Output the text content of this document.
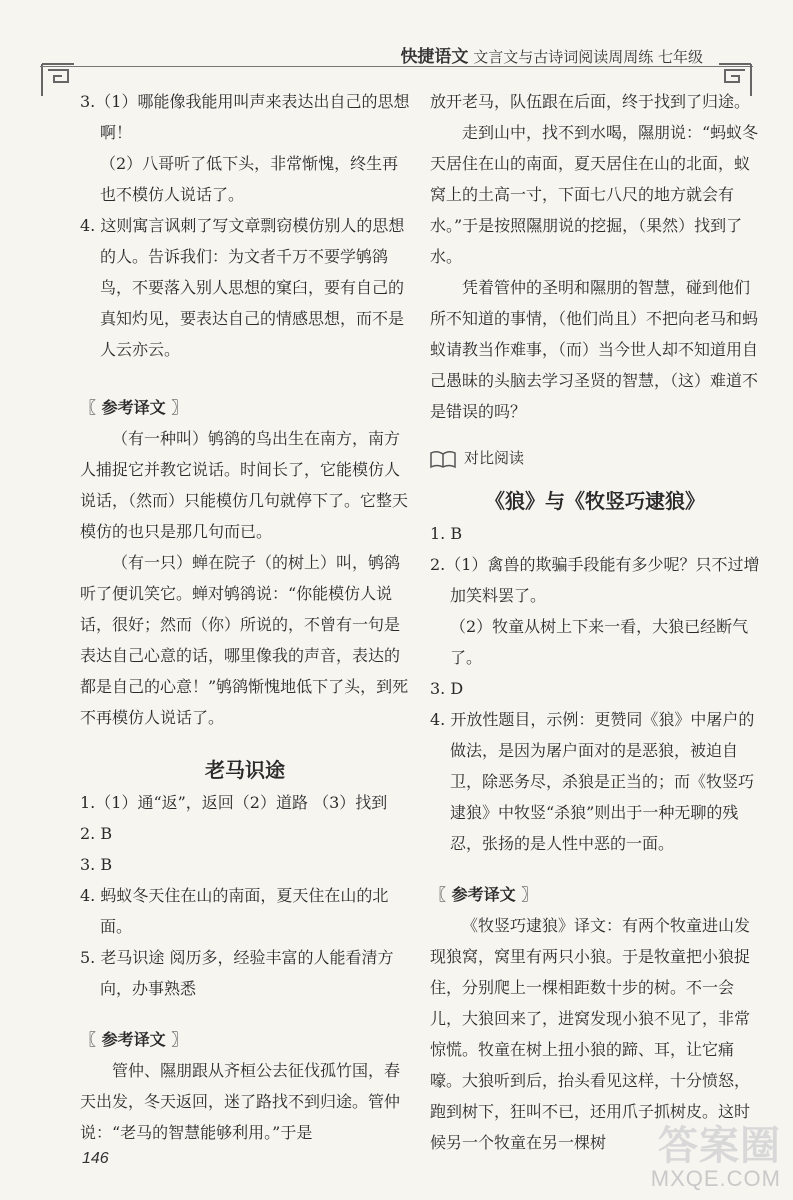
快捷语文 文言文与古诗词阅读周周练 七年级

3.（1）哪能像我能用叫声来表达出自己的思想啊！

（2）八哥听了低下头，非常惭愧，终生再也不模仿人说话了。

4. 这则寓言讽刺了写文章剽窃模仿别人的思想的人。告诉我们：为文者千万不要学鸲鹆鸟，不要落入别人思想的窠臼，要有自己的真知灼见，要表达自己的情感思想，而不是人云亦云。

〖 参考译文 〗

（有一种叫）鸲鹆的鸟出生在南方，南方人捕捉它并教它说话。时间长了，它能模仿人说话，（然而）只能模仿几句就停下了。它整天模仿的也只是那几句而已。

（有一只）蝉在院子（的树上）叫，鸲鹆听了便讥笑它。蝉对鸲鹆说：“你能模仿人说话，很好；然而（你）所说的，不曾有一句是表达自己心意的话，哪里像我的声音，表达的都是自己的心意！”鸲鹆惭愧地低下了头，到死不再模仿人说话了。

老马识途

1.（1）通“返”，返回（2）道路 （3）找到

2. B

3. B

4. 蚂蚁冬天住在山的南面，夏天住在山的北面。

5. 老马识途 阅历多，经验丰富的人能看清方向，办事熟悉

〖 参考译文 〗

管仲、隰朋跟从齐桓公去征伐孤竹国，春天出发，冬天返回，迷了路找不到归途。管仲说：“老马的智慧能够利用。”于是

放开老马，队伍跟在后面，终于找到了归途。

走到山中，找不到水喝，隰朋说：“蚂蚁冬天居住在山的南面，夏天居住在山的北面，蚁窝上的土高一寸，下面七八尺的地方就会有水。”于是按照隰朋说的挖掘，（果然）找到了水。

凭着管仲的圣明和隰朋的智慧，碰到他们所不知道的事情，（他们尚且）不把向老马和蚂蚁请教当作难事，（而）当今世人却不知道用自己愚昧的头脑去学习圣贤的智慧，（这）难道不是错误的吗？

对比阅读

《狼》与《牧竖巧逮狼》

1. B

2.（1）禽兽的欺骗手段能有多少呢？只不过增加笑料罢了。

（2）牧童从树上下来一看，大狼已经断气了。

3. D

4. 开放性题目，示例：更赞同《狼》中屠户的做法，是因为屠户面对的是恶狼，被迫自卫，除恶务尽，杀狼是正当的；而《牧竖巧逮狼》中牧竖“杀狼”则出于一种无聊的残忍，张扬的是人性中恶的一面。

〖 参考译文 〗

《牧竖巧逮狼》译文：有两个牧童进山发现狼窝，窝里有两只小狼。于是牧童把小狼捉住，分别爬上一棵相距数十步的树。不一会儿，大狼回来了，进窝发现小狼不见了，非常惊慌。牧童在树上扭小狼的蹄、耳，让它痛嚎。大狼听到后，抬头看见这样，十分愤怒，跑到树下，狂叫不已，还用爪子抓树皮。这时候另一个牧童在另一棵树

146	答案圈
MXQE.COM
